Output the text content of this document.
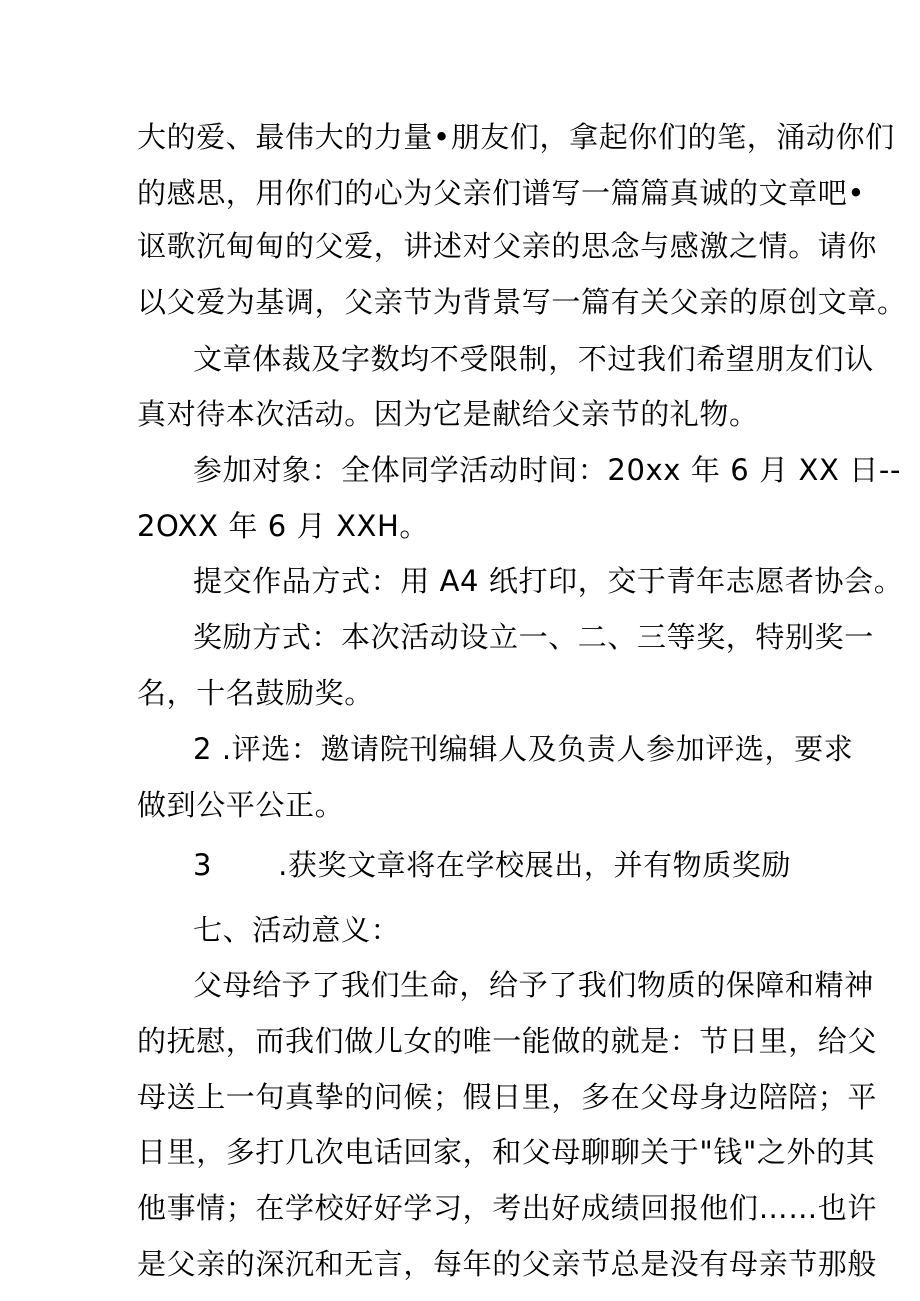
大的爱、最伟大的力量•朋友们，拿起你们的笔，涌动你们
的感思，用你们的心为父亲们谱写一篇篇真诚的文章吧•
讴歌沉甸甸的父爱，讲述对父亲的思念与感激之情。请你
以父爱为基调，父亲节为背景写一篇有关父亲的原创文章。
文章体裁及字数均不受限制，不过我们希望朋友们认
真对待本次活动。因为它是献给父亲节的礼物。
参加对象：全体同学活动时间：20xx 年 6 月 XX 日--
2OXX 年 6 月 XXH。
提交作品方式：用 A4 纸打印，交于青年志愿者协会。
奖励方式：本次活动设立一、二、三等奖，特别奖一
名，十名鼓励奖。
2 .评选：邀请院刊编辑人及负责人参加评选，要求
做到公平公正。
3 .获奖文章将在学校展出，并有物质奖励
七、活动意义：
父母给予了我们生命，给予了我们物质的保障和精神
的抚慰，而我们做儿女的唯一能做的就是：节日里，给父
母送上一句真挚的问候；假日里，多在父母身边陪陪；平
日里，多打几次电话回家，和父母聊聊关于"钱"之外的其
他事情；在学校好好学习，考出好成绩回报他们……也许
是父亲的深沉和无言，每年的父亲节总是没有母亲节那般
